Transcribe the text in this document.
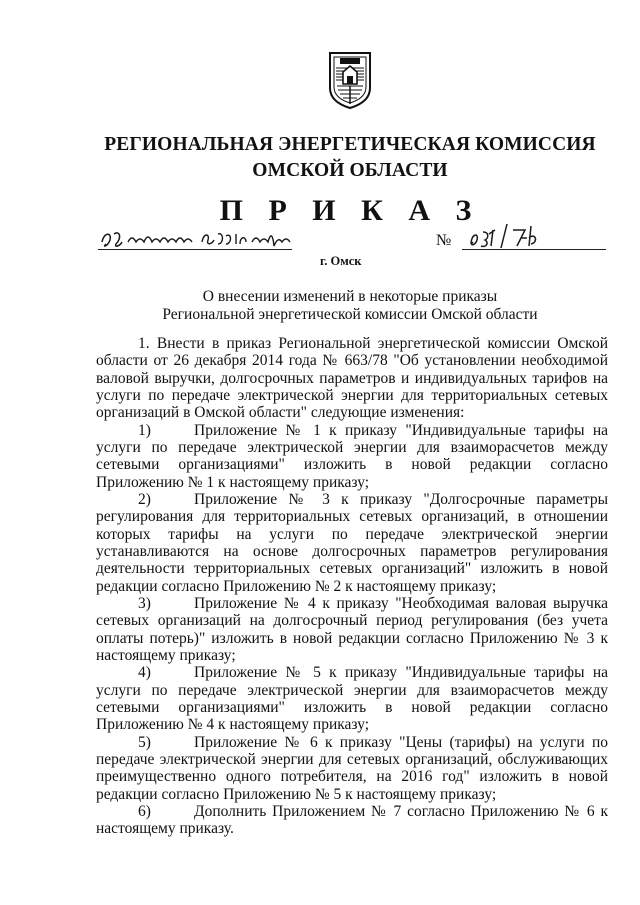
РЕГИОНАЛЬНАЯ ЭНЕРГЕТИЧЕСКАЯ КОМИССИЯ
ОМСКОЙ ОБЛАСТИ
П Р И К А З
№
г. Омск
О внесении изменений в некоторые приказы
Региональной энергетической комиссии Омской области

1. Внести в приказ Региональной энергетической комиссии Омской области от 26 декабря 2014 года № 663/78 "Об установлении необходимой валовой выручки, долгосрочных параметров и индивидуальных тарифов на услуги по передаче электрической энергии для территориальных сетевых организаций в Омской области" следующие изменения:

1)	Приложение № 1 к приказу "Индивидуальные тарифы на услуги по передаче электрической энергии для взаиморасчетов между сетевыми организациями" изложить в новой редакции согласно Приложению № 1 к настоящему приказу;

2)	Приложение № 3 к приказу "Долгосрочные параметры регулирования для территориальных сетевых организаций, в отношении которых тарифы на услуги по передаче электрической энергии устанавливаются на основе долгосрочных параметров регулирования деятельности территориальных сетевых организаций" изложить в новой редакции согласно Приложению № 2 к настоящему приказу;

3)	Приложение № 4 к приказу "Необходимая валовая выручка сетевых организаций на долгосрочный период регулирования (без учета оплаты потерь)" изложить в новой редакции согласно Приложению № 3 к настоящему приказу;

4)	Приложение № 5 к приказу "Индивидуальные тарифы на услуги по передаче электрической энергии для взаиморасчетов между сетевыми организациями" изложить в новой редакции согласно Приложению № 4 к настоящему приказу;

5)	Приложение № 6 к приказу "Цены (тарифы) на услуги по передаче электрической энергии для сетевых организаций, обслуживающих преимущественно одного потребителя, на 2016 год" изложить в новой редакции согласно Приложению № 5 к настоящему приказу;

6)	Дополнить Приложением № 7 согласно Приложению № 6 к настоящему приказу.
